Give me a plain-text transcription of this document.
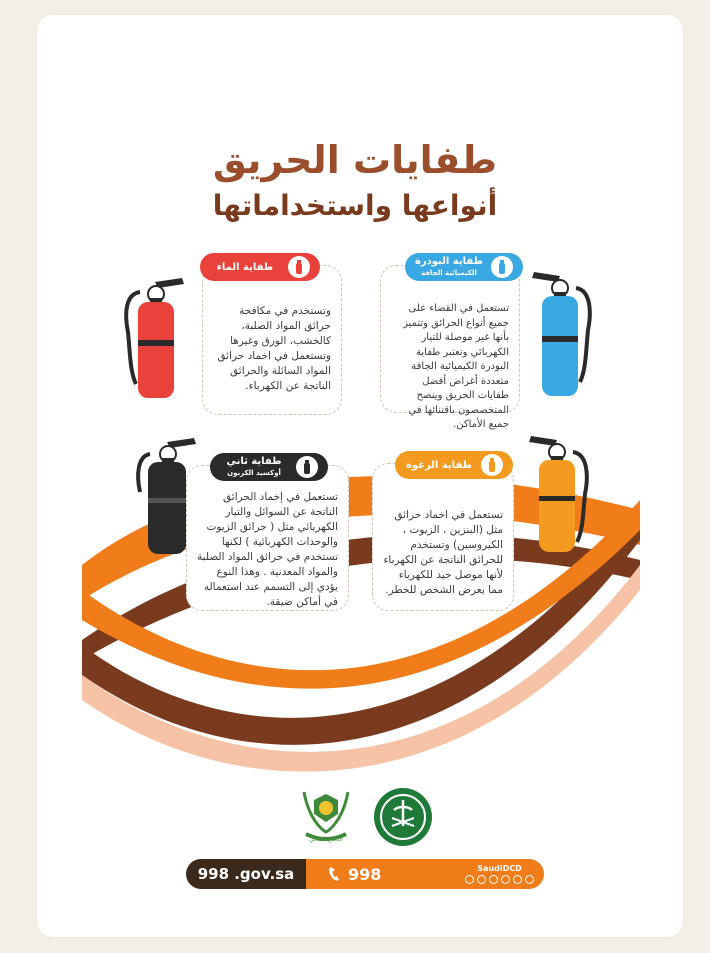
طفايات الحريق
أنواعها واستخداماتها
وتستخدم في مكافحة حرائق المواد الصلبة، كالخشب، الورق وغيرها وتستعمل في اخماد حرائق المواد السائلة والحرائق الناتجة عن الكهرباء.
طفاية الماء
تستعمل في القضاء على جميع أنواع الحرائق وتتميز بأنها غير موصلة للتيار الكهربائي وتعتبر طفاية البودرة الكيميائية الجافة متعددة أغراض أفضل طفايات الحريق وينصح المتخصصون باقتنائها في جميع الأماكن.
طفاية البودرة
الكيميائية الجافة
تستعمل في إخماد الحرائق الناتجة عن السوائل والتيار الكهربائي مثل ( حرائق الزيوت والوحدات الكهربائية ) لكنها تستخدم في حرائق المواد الصلبة والمواد المعدنية . وهذا النوع يؤدي إلى التسمم عند استعماله في أماكن ضيقة.
طفاية ثاني
أوكسيد الكربون
تستعمل في اخماد حرائق مثل (البنزين ، الزيوت ، الكيروسين) وتستخدم للحرائق الناتجة عن الكهرباء لأنها موصل جيد للكهرباء مما يعرض الشخص للخطر.
طفاية الرغوة
الدفاع المدني
998 .gov.sa	998	SaudiDCD
